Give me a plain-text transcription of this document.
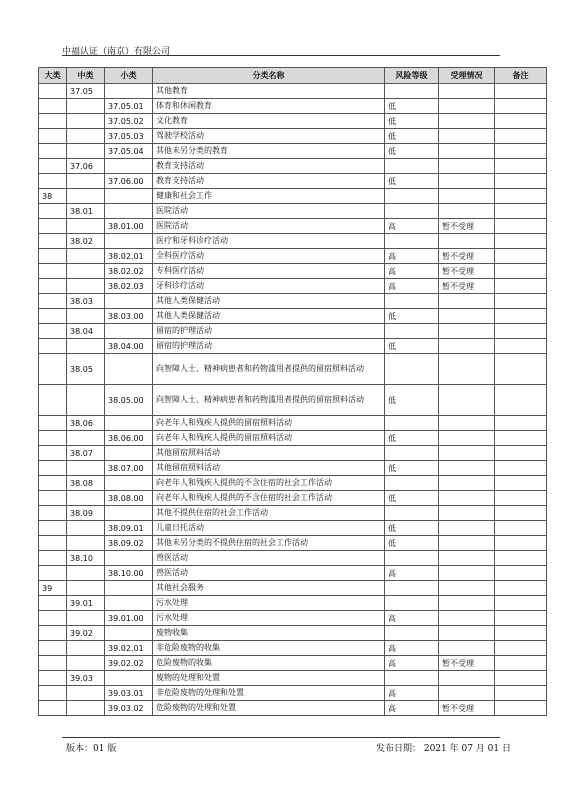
中福认证（南京）有限公司
大类	中类	小类	分类名称	风险等级	受理情况	备注
	37.05		其他教育			
		37.05.01	体育和休闲教育	低		
		37.05.02	文化教育	低		
		37.05.03	驾驶学校活动	低		
		37.05.04	其他未另分类的教育	低		
	37.06		教育支持活动			
		37.06.00	教育支持活动	低		
38			健康和社会工作			
	38.01		医院活动			
		38.01.00	医院活动	高	暂不受理	
	38.02		医疗和牙科诊疗活动			
		38.02.01	全科医疗活动	高	暂不受理	
		38.02.02	专科医疗活动	高	暂不受理	
		38.02.03	牙科诊疗活动	高	暂不受理	
	38.03		其他人类保健活动			
		38.03.00	其他人类保健活动	低		
	38.04		留宿的护理活动			
		38.04.00	留宿的护理活动	低		
	38.05		向智障人士、精神病患者和药物滥用者提供的留宿照料活动			
		38.05.00	向智障人士、精神病患者和药物滥用者提供的留宿照料活动	低		
	38.06		向老年人和残疾人提供的留宿照料活动			
		38.06.00	向老年人和残疾人提供的留宿照料活动	低		
	38.07		其他留宿照料活动			
		38.07.00	其他留宿照料活动	低		
	38.08		向老年人和残疾人提供的不含住宿的社会工作活动			
		38.08.00	向老年人和残疾人提供的不含住宿的社会工作活动	低		
	38.09		其他不提供住宿的社会工作活动			
		38.09.01	儿童日托活动	低		
		38.09.02	其他未另分类的不提供住宿的社会工作活动	低		
	38.10		兽医活动			
		38.10.00	兽医活动	高		
39			其他社会服务			
	39.01		污水处理			
		39.01.00	污水处理	高		
	39.02		废物收集			
		39.02.01	非危险废物的收集	高		
		39.02.02	危险废物的收集	高	暂不受理	
	39.03		废物的处理和处置			
		39.03.01	非危险废物的处理和处置	高		
		39.03.02	危险废物的处理和处置	高	暂不受理	
版本：01 版	发布日期： 2021 年 07 月 01 日
